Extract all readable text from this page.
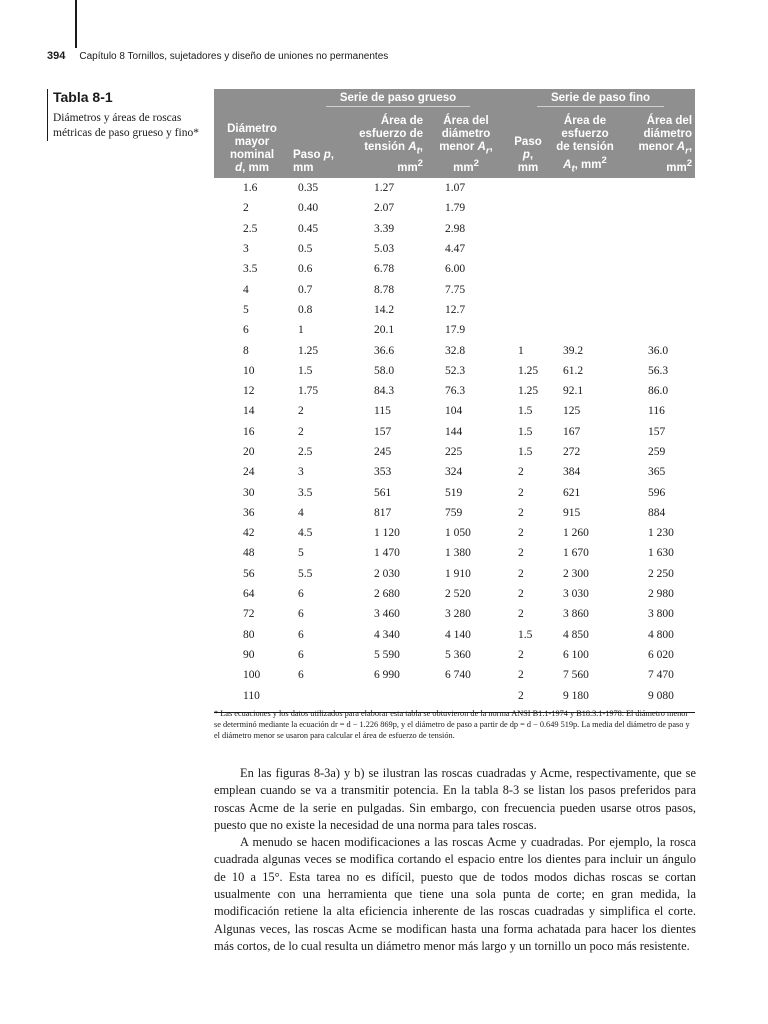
394 Capítulo 8 Tornillos, sujetadores y diseño de uniones no permanentes
Tabla 8-1
Diámetros y áreas de roscas métricas de paso grueso y fino*
	Serie de paso grueso			Serie de paso fino		
Diámetro
mayor
nominal
d, mm	Paso p,
mm	Área de
esfuerzo de
tensión $A_t$,
$mm^2$	Área del
diámetro
menor $A_r$,
$mm^2$	Paso
p,
mm	Área de
esfuerzo
de tensión
$A_t$, $mm^2$	Área del
diámetro
menor $A_r$,
$mm^2$
1.6	0.35	1.27	1.07			
2	0.40	2.07	1.79			
2.5	0.45	3.39	2.98			
3	0.5	5.03	4.47			
3.5	0.6	6.78	6.00			
4	0.7	8.78	7.75			
5	0.8	14.2	12.7			
6	1	20.1	17.9			
8	1.25	36.6	32.8	1	39.2	36.0
10	1.5	58.0	52.3	1.25	61.2	56.3
12	1.75	84.3	76.3	1.25	92.1	86.0
14	2	115	104	1.5	125	116
16	2	157	144	1.5	167	157
20	2.5	245	225	1.5	272	259
24	3	353	324	2	384	365
30	3.5	561	519	2	621	596
36	4	817	759	2	915	884
42	4.5	1 120	1 050	2	1 260	1 230
48	5	1 470	1 380	2	1 670	1 630
56	5.5	2 030	1 910	2	2 300	2 250
64	6	2 680	2 520	2	3 030	2 980
72	6	3 460	3 280	2	3 860	3 800
80	6	4 340	4 140	1.5	4 850	4 800
90	6	5 590	5 360	2	6 100	6 020
100	6	6 990	6 740	2	7 560	7 470
110				2	9 180	9 080
* Las ecuaciones y los datos utilizados para elaborar esta tabla se obtuvieron de la norma ANSI B1.1-1974 y B18.3.1-1978. El diámetro menor se determinó mediante la ecuación dr = d − 1.226 869p, y el diámetro de paso a partir de dp = d − 0.649 519p. La media del diámetro de paso y el diámetro menor se usaron para calcular el área de esfuerzo de tensión.

En las figuras 8-3a) y b) se ilustran las roscas cuadradas y Acme, respectivamente, que se emplean cuando se va a transmitir potencia. En la tabla 8-3 se listan los pasos preferidos para roscas Acme de la serie en pulgadas. Sin embargo, con frecuencia pueden usarse otros pasos, puesto que no existe la necesidad de una norma para tales roscas.

A menudo se hacen modificaciones a las roscas Acme y cuadradas. Por ejemplo, la rosca cuadrada algunas veces se modifica cortando el espacio entre los dientes para incluir un ángulo de 10 a 15°. Esta tarea no es difícil, puesto que de todos modos dichas roscas se cortan usualmente con una herramienta que tiene una sola punta de corte; en gran medida, la modificación retiene la alta eficiencia inherente de las roscas cuadradas y simplifica el corte. Algunas veces, las roscas Acme se modifican hasta una forma achatada para hacer los dientes más cortos, de lo cual resulta un diámetro menor más largo y un tornillo un poco más resistente.
